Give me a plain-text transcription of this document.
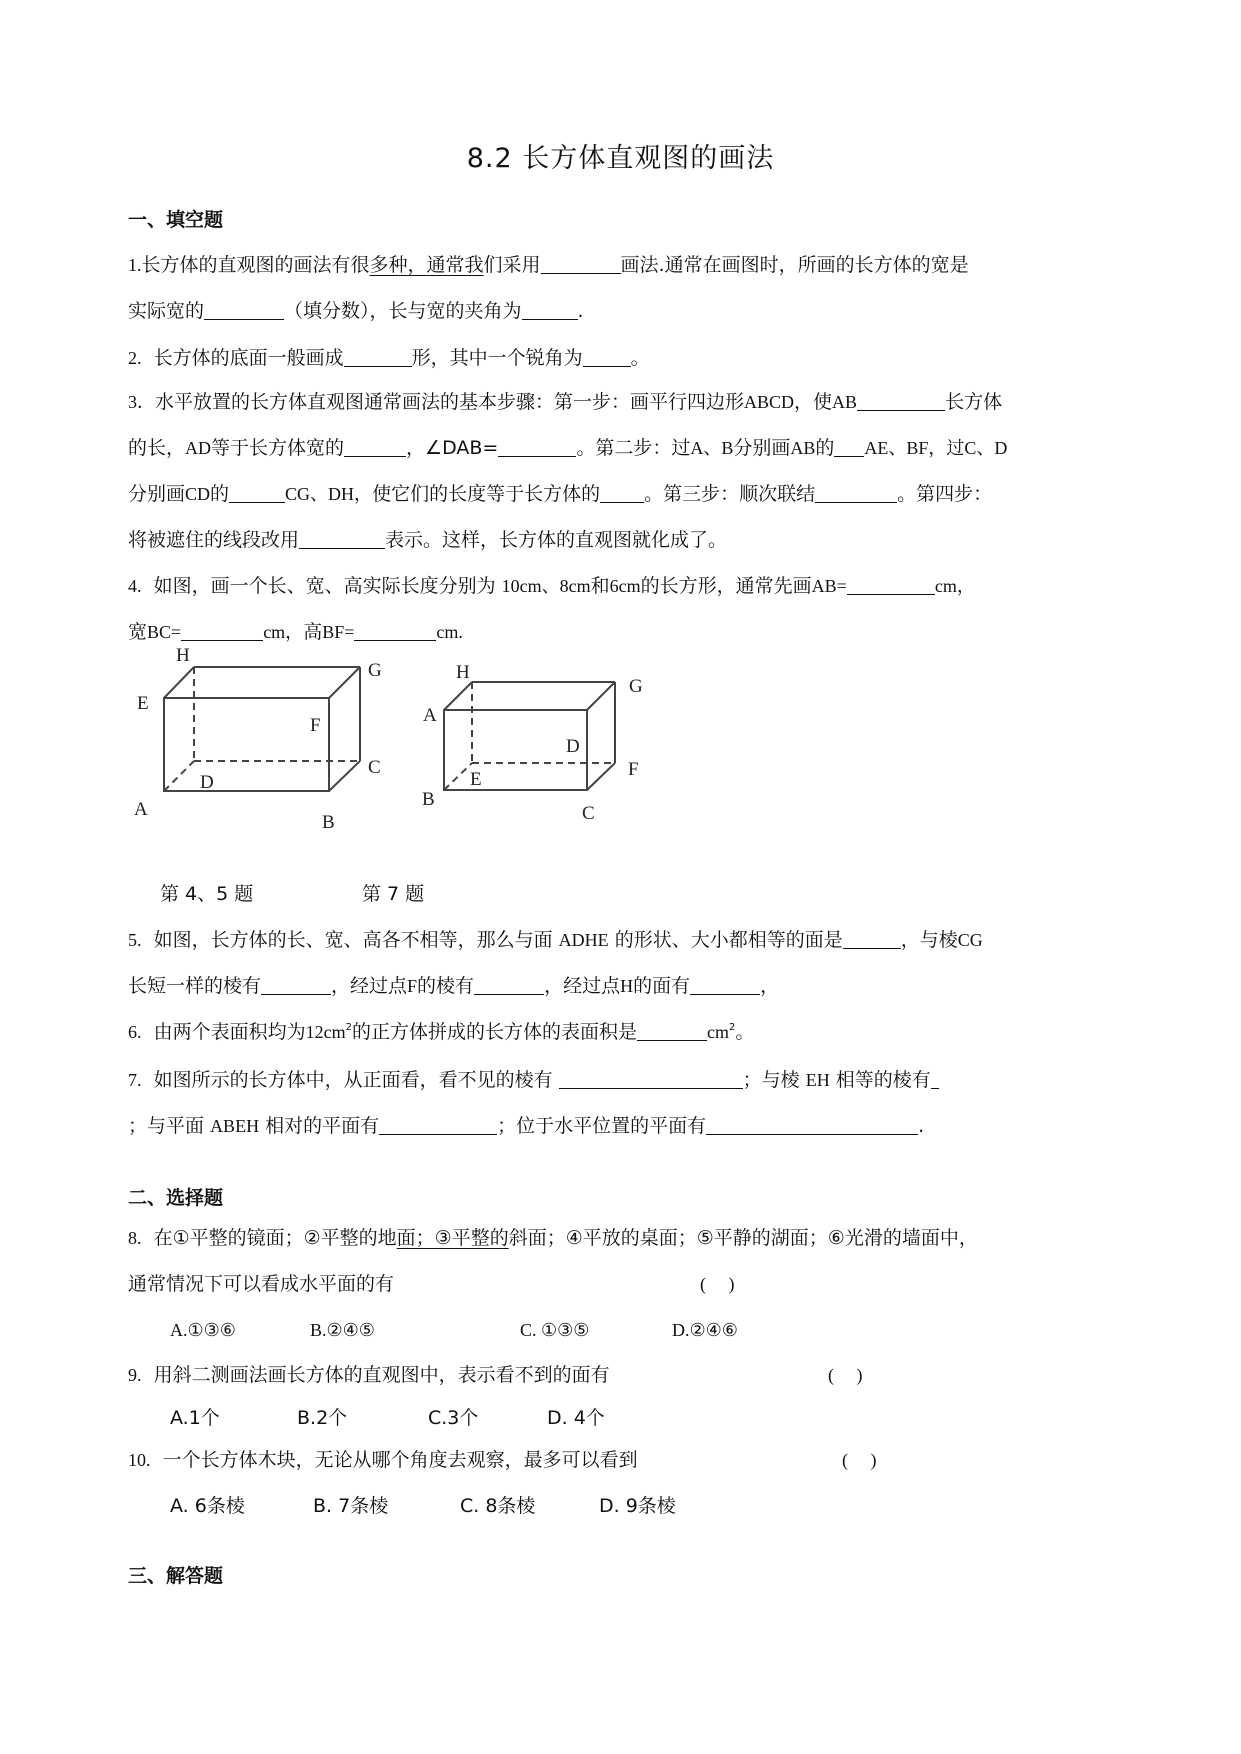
8.2 长方体直观图的画法
一、填空题
1.长方体的直观图的画法有很多种，通常我们采用	画法.通常在画图时，所画的长方体的宽是
实际宽的	（填分数），长与宽的夹角为	.
2. 长方体的底面一般画成	形，其中一个锐角为	。
3．水平放置的长方体直观图通常画法的基本步骤：第一步：画平行四边形ABCD，使AB	长方体
的长，AD等于长方体宽的	，∠DAB=	。第二步：过A、B分别画AB的 AE、BF，过C、D
分别画CD的	CG、DH，使它们的长度等于长方体的 。第三步：顺次联结	。第四步：
将被遮住的线段改用	表示。这样，长方体的直观图就化成了。
4. 如图，画一个长、宽、高实际长度分别为 10cm、8cm和6cm的长方形，通常先画AB=	cm，
宽BC=	cm，高BF=	cm.
H
G
E
F
C
D
A
B
H
G
A
D
F
E
B
C
第 4、5 题	第 7 题
5. 如图，长方体的长、宽、高各不相等，那么与面 ADHE 的形状、大小都相等的面是	，与棱CG
长短一样的棱有	，经过点F的棱有	，经过点H的面有	，
6. 由两个表面积均为$12cm^2$的正方体拼成的长方体的表面积是	$cm^2$。
7. 如图所示的长方体中，从正面看，看不见的棱有	；与棱 EH 相等的棱有
；与平面 ABEH 相对的平面有	；位于水平位置的平面有	.
二、选择题
8. 在①平整的镜面；②平整的地面；③平整的斜面；④平放的桌面；⑤平静的湖面；⑥光滑的墙面中，
通常情况下可以看成水平面的有	(　 )
A.①③⑥	B.②④⑤	C. ①③⑤	D.②④⑥
9. 用斜二测画法画长方体的直观图中，表示看不到的面有	(　 )
A.1个	B.2个	C.3个	D. 4个
10. 一个长方体木块，无论从哪个角度去观察，最多可以看到	(　 )
A. 6条棱	B. 7条棱	C. 8条棱	D. 9条棱
三、解答题
